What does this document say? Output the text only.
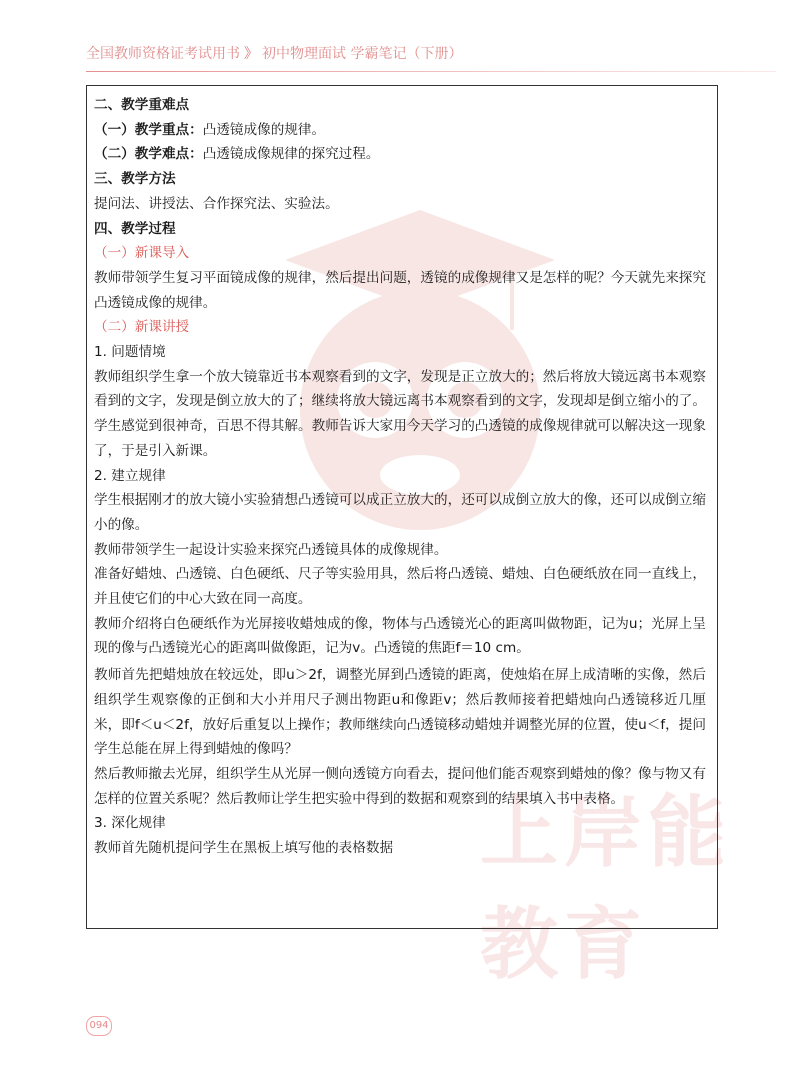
全国教师资格证考试用书 》 初中物理面试 学霸笔记（下册）
上岸能教育
二、教学重难点
（一）教学重点：凸透镜成像的规律。
（二）教学难点：凸透镜成像规律的探究过程。
三、教学方法
提问法、讲授法、合作探究法、实验法。
四、教学过程
（一）新课导入
教师带领学生复习平面镜成像的规律，然后提出问题，透镜的成像规律又是怎样的呢？今天就先来探究凸透镜成像的规律。
（二）新课讲授
1. 问题情境
教师组织学生拿一个放大镜靠近书本观察看到的文字，发现是正立放大的；然后将放大镜远离书本观察看到的文字，发现是倒立放大的了；继续将放大镜远离书本观察看到的文字，发现却是倒立缩小的了。学生感觉到很神奇，百思不得其解。教师告诉大家用今天学习的凸透镜的成像规律就可以解决这一现象了，于是引入新课。
2. 建立规律
学生根据刚才的放大镜小实验猜想凸透镜可以成正立放大的，还可以成倒立放大的像，还可以成倒立缩小的像。
教师带领学生一起设计实验来探究凸透镜具体的成像规律。
准备好蜡烛、凸透镜、白色硬纸、尺子等实验用具，然后将凸透镜、蜡烛、白色硬纸放在同一直线上，并且使它们的中心大致在同一高度。
教师介绍将白色硬纸作为光屏接收蜡烛成的像，物体与凸透镜光心的距离叫做物距，记为u；光屏上呈现的像与凸透镜光心的距离叫做像距，记为v。凸透镜的焦距f＝10 cm。
教师首先把蜡烛放在较远处，即u＞2f，调整光屏到凸透镜的距离，使烛焰在屏上成清晰的实像，然后组织学生观察像的正倒和大小并用尺子测出物距u和像距v；然后教师接着把蜡烛向凸透镜移近几厘米，即f＜u＜2f，放好后重复以上操作；教师继续向凸透镜移动蜡烛并调整光屏的位置，使u＜f，提问学生总能在屏上得到蜡烛的像吗？
然后教师撤去光屏，组织学生从光屏一侧向透镜方向看去，提问他们能否观察到蜡烛的像？像与物又有怎样的位置关系呢？然后教师让学生把实验中得到的数据和观察到的结果填入书中表格。
3. 深化规律
教师首先随机提问学生在黑板上填写他的表格数据
094
